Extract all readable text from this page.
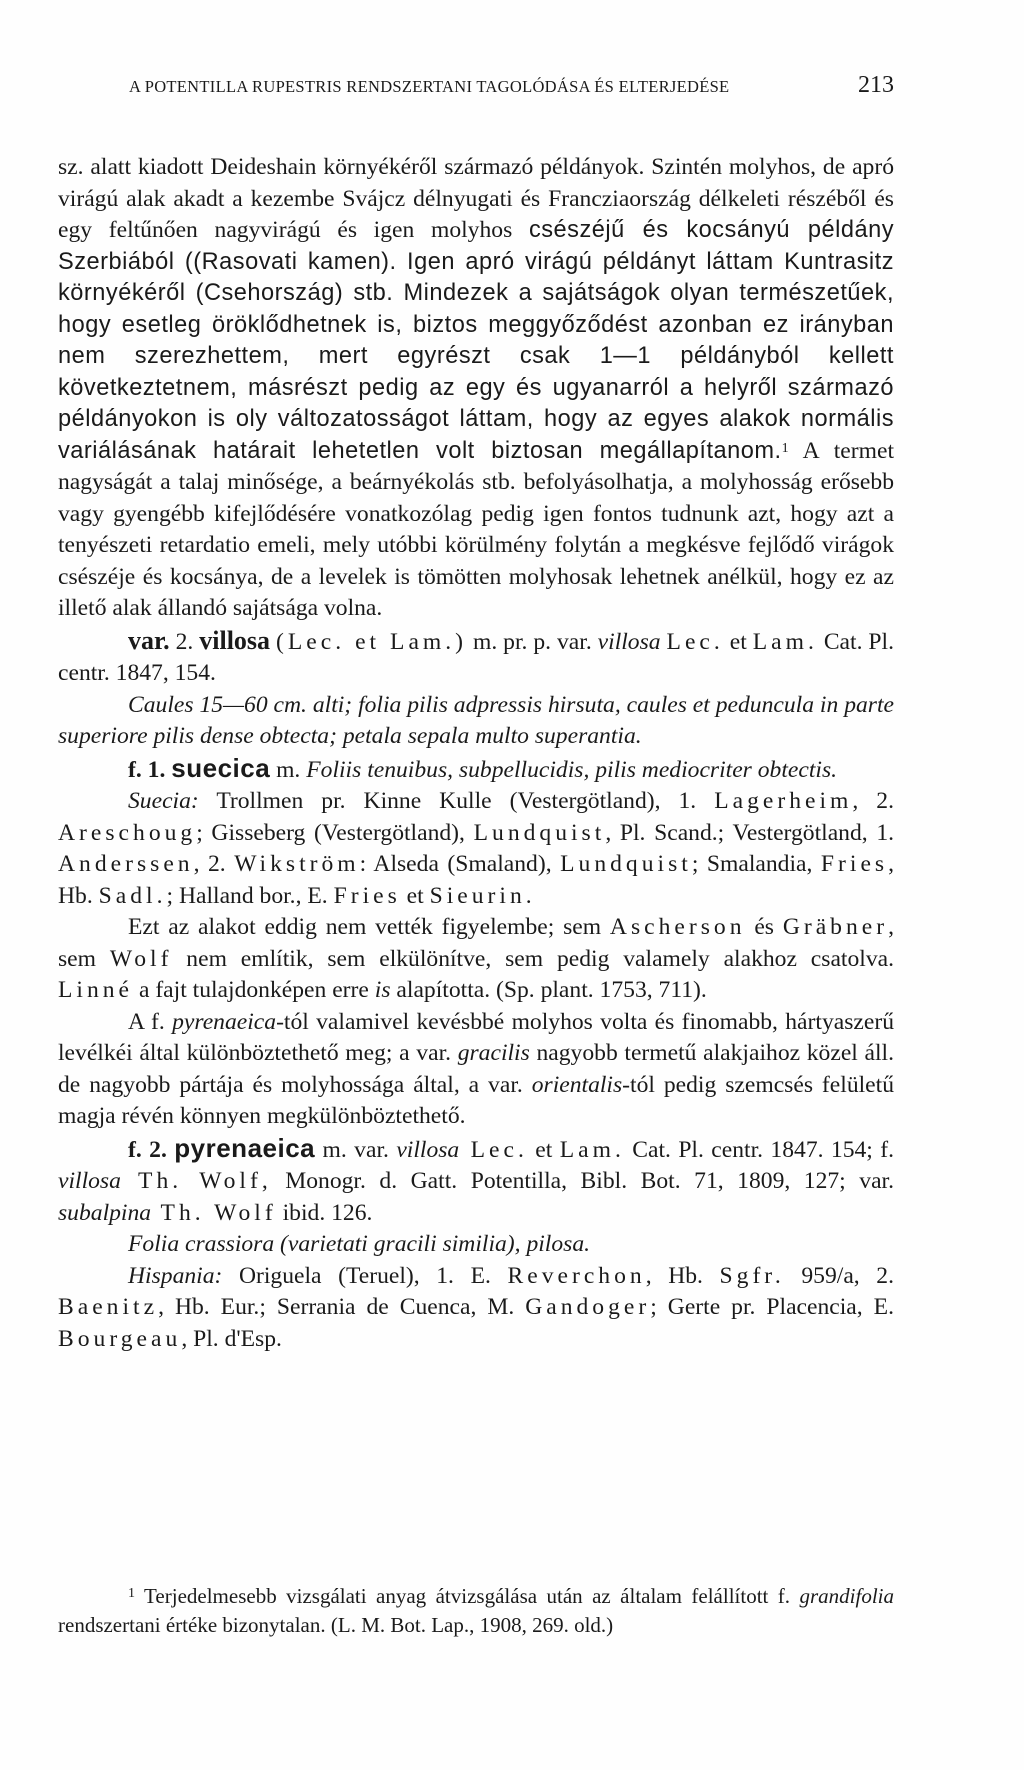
A POTENTILLA RUPESTRIS RENDSZERTANI TAGOLÓDÁSA ÉS ELTERJEDÉSE	213

sz. alatt kiadott Deideshain környékéről származó példányok. Szintén molyhos, de apró virágú alak akadt a kezembe Svájcz délnyugati és Francziaország délkeleti részéből és egy feltűnően nagyvirágú és igen molyhos csészéjű és kocsányú példány Szerbiából ((Rasovati kamen). Igen apró virágú példányt láttam Kuntrasitz környékéről (Csehország) stb. Mindezek a sajátságok olyan természetűek, hogy esetleg öröklődhetnek is, biztos meggyőződést azonban ez irányban nem szerezhettem, mert egyrészt csak 1—1 példányból kellett következtetnem, másrészt pedig az egy és ugyanarról a helyről származó példányokon is oly változatosságot láttam, hogy az egyes alakok normális variálásának határait lehetetlen volt biztosan megállapítanom.$^1$ A termet nagyságát a talaj minősége, a beárnyékolás stb. befolyásolhatja, a molyhosság erősebb vagy gyengébb kifejlődésére vonatkozólag pedig igen fontos tudnunk azt, hogy azt a tenyészeti retardatio emeli, mely utóbbi körülmény folytán a megkésve fejlődő virágok csészéje és kocsánya, de a levelek is tömötten molyhosak lehetnek anélkül, hogy ez az illető alak állandó sajátsága volna.

var. 2. villosa (Lec. et Lam.) m. pr. p. var. villosa Lec. et Lam. Cat. Pl. centr. 1847, 154.

Caules 15—60 cm. alti; folia pilis adpressis hirsuta, caules et peduncula in parte superiore pilis dense obtecta; petala sepala multo superantia.

f. 1. suecica m. Foliis tenuibus, subpellucidis, pilis mediocriter obtectis.

Suecia: Trollmen pr. Kinne Kulle (Vestergötland), 1. Lagerheim, 2. Areschoug; Gisseberg (Vestergötland), Lundquist, Pl. Scand.; Vestergötland, 1. Anderssen, 2. Wikström: Alseda (Smaland), Lundquist; Smalandia, Fries, Hb. Sadl.; Halland bor., E. Fries et Sieurin.

Ezt az alakot eddig nem vették figyelembe; sem Ascherson és Gräbner, sem Wolf nem említik, sem elkülönítve, sem pedig valamely alakhoz csatolva. Linné a fajt tulajdonképen erre is alapította. (Sp. plant. 1753, 711).

A f. pyrenaeica-tól valamivel kevésbbé molyhos volta és finomabb, hártyaszerű levélkéi által különböztethető meg; a var. gracilis nagyobb termetű alakjaihoz közel áll. de nagyobb pártája és molyhossága által, a var. orientalis-tól pedig szemcsés felületű magja révén könnyen megkülönböztethető.

f. 2. pyrenaeica m. var. villosa Lec. et Lam. Cat. Pl. centr. 1847. 154; f. villosa Th. Wolf, Monogr. d. Gatt. Potentilla, Bibl. Bot. 71, 1809, 127; var. subalpina Th. Wolf ibid. 126.

Folia crassiora (varietati gracili similia), pilosa.

Hispania: Origuela (Teruel), 1. E. Reverchon, Hb. Sgfr. 959/a, 2. Baenitz, Hb. Eur.; Serrania de Cuenca, M. Gandoger; Gerte pr. Placencia, E. Bourgeau, Pl. d'Esp.

$^1$ Terjedelmesebb vizsgálati anyag átvizsgálása után az általam felállított f. grandifolia rendszertani értéke bizonytalan. (L. M. Bot. Lap., 1908, 269. old.)
